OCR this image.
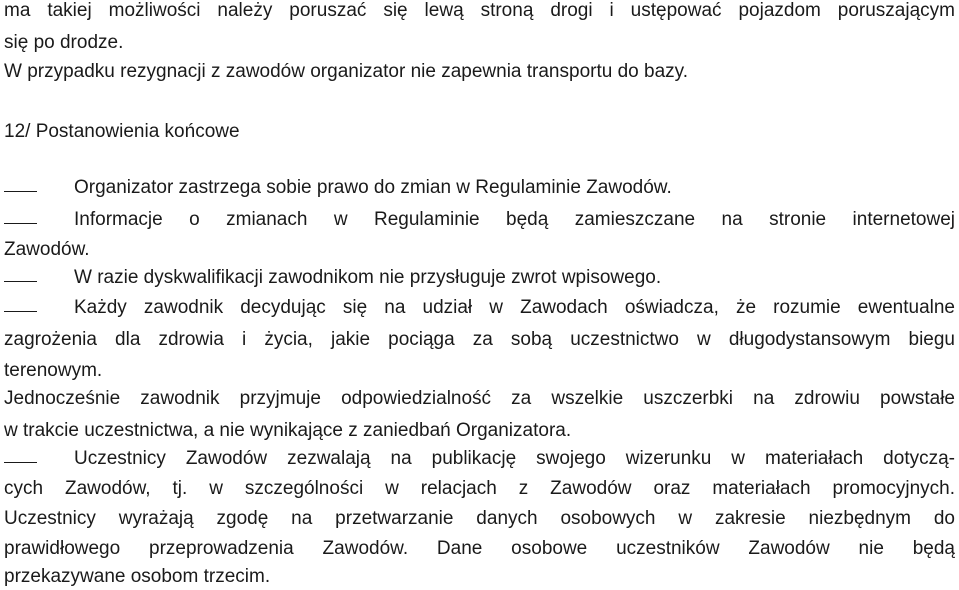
ma takiej możliwości należy poruszać się lewą stroną drogi i ustępować pojazdom poruszającym
się po drodze.
W przypadku rezygnacji z zawodów organizator nie zapewnia transportu do bazy.
12/ Postanowienia końcowe
Organizator zastrzega sobie prawo do zmian w Regulaminie Zawodów.
Informacje o zmianach w Regulaminie będą zamieszczane na stronie internetowej
Zawodów.
W razie dyskwalifikacji zawodnikom nie przysługuje zwrot wpisowego.
Każdy zawodnik decydując się na udział w Zawodach oświadcza, że rozumie ewentualne
zagrożenia dla zdrowia i życia, jakie pociąga za sobą uczestnictwo w długodystansowym biegu
terenowym.
Jednocześnie zawodnik przyjmuje odpowiedzialność za wszelkie uszczerbki na zdrowiu powstałe
w trakcie uczestnictwa, a nie wynikające z zaniedbań Organizatora.
Uczestnicy Zawodów zezwalają na publikację swojego wizerunku w materiałach dotyczą-
cych Zawodów, tj. w szczególności w relacjach z Zawodów oraz materiałach promocyjnych.
Uczestnicy wyrażają zgodę na przetwarzanie danych osobowych w zakresie niezbędnym do
prawidłowego przeprowadzenia Zawodów. Dane osobowe uczestników Zawodów nie będą
przekazywane osobom trzecim.
